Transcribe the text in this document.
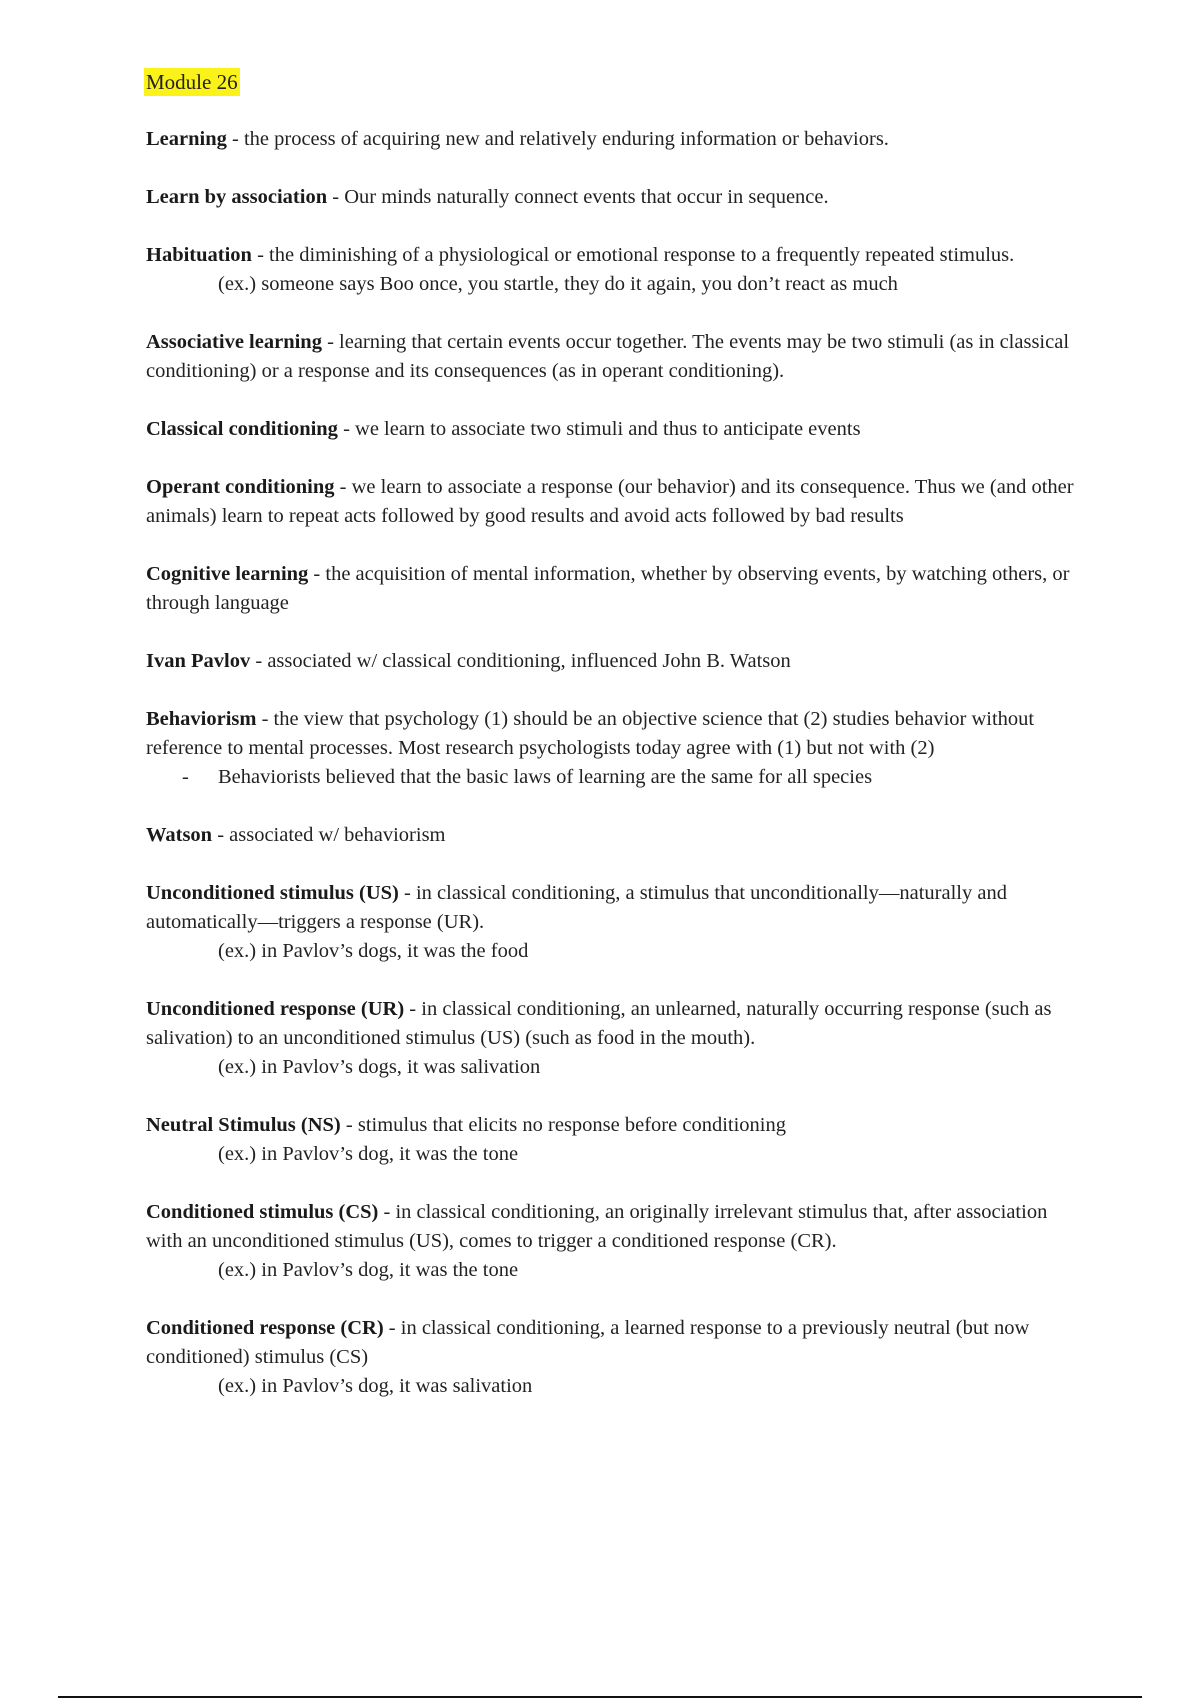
Module 26
Learning - the process of acquiring new and relatively enduring information or behaviors.
Learn by association - Our minds naturally connect events that occur in sequence.
Habituation - the diminishing of a physiological or emotional response to a frequently repeated stimulus.
(ex.) someone says Boo once, you startle, they do it again, you don’t react as much
Associative learning - learning that certain events occur together. The events may be two stimuli (as in classical conditioning) or a response and its consequences (as in operant conditioning).
Classical conditioning - we learn to associate two stimuli and thus to anticipate events
Operant conditioning - we learn to associate a response (our behavior) and its consequence. Thus we (and other animals) learn to repeat acts followed by good results and avoid acts followed by bad results
Cognitive learning - the acquisition of mental information, whether by observing events, by watching others, or through language
Ivan Pavlov - associated w/ classical conditioning, influenced John B. Watson
Behaviorism - the view that psychology (1) should be an objective science that (2) studies behavior without reference to mental processes. Most research psychologists today agree with (1) but not with (2)
- Behaviorists believed that the basic laws of learning are the same for all species
Watson - associated w/ behaviorism
Unconditioned stimulus (US) - in classical conditioning, a stimulus that unconditionally—naturally and automatically—triggers a response (UR).
(ex.) in Pavlov’s dogs, it was the food
Unconditioned response (UR) - in classical conditioning, an unlearned, naturally occurring response (such as salivation) to an unconditioned stimulus (US) (such as food in the mouth).
(ex.) in Pavlov’s dogs, it was salivation
Neutral Stimulus (NS) - stimulus that elicits no response before conditioning
(ex.) in Pavlov’s dog, it was the tone
Conditioned stimulus (CS) - in classical conditioning, an originally irrelevant stimulus that, after association with an unconditioned stimulus (US), comes to trigger a conditioned response (CR).
(ex.) in Pavlov’s dog, it was the tone
Conditioned response (CR) - in classical conditioning, a learned response to a previously neutral (but now conditioned) stimulus (CS)
(ex.) in Pavlov’s dog, it was salivation
